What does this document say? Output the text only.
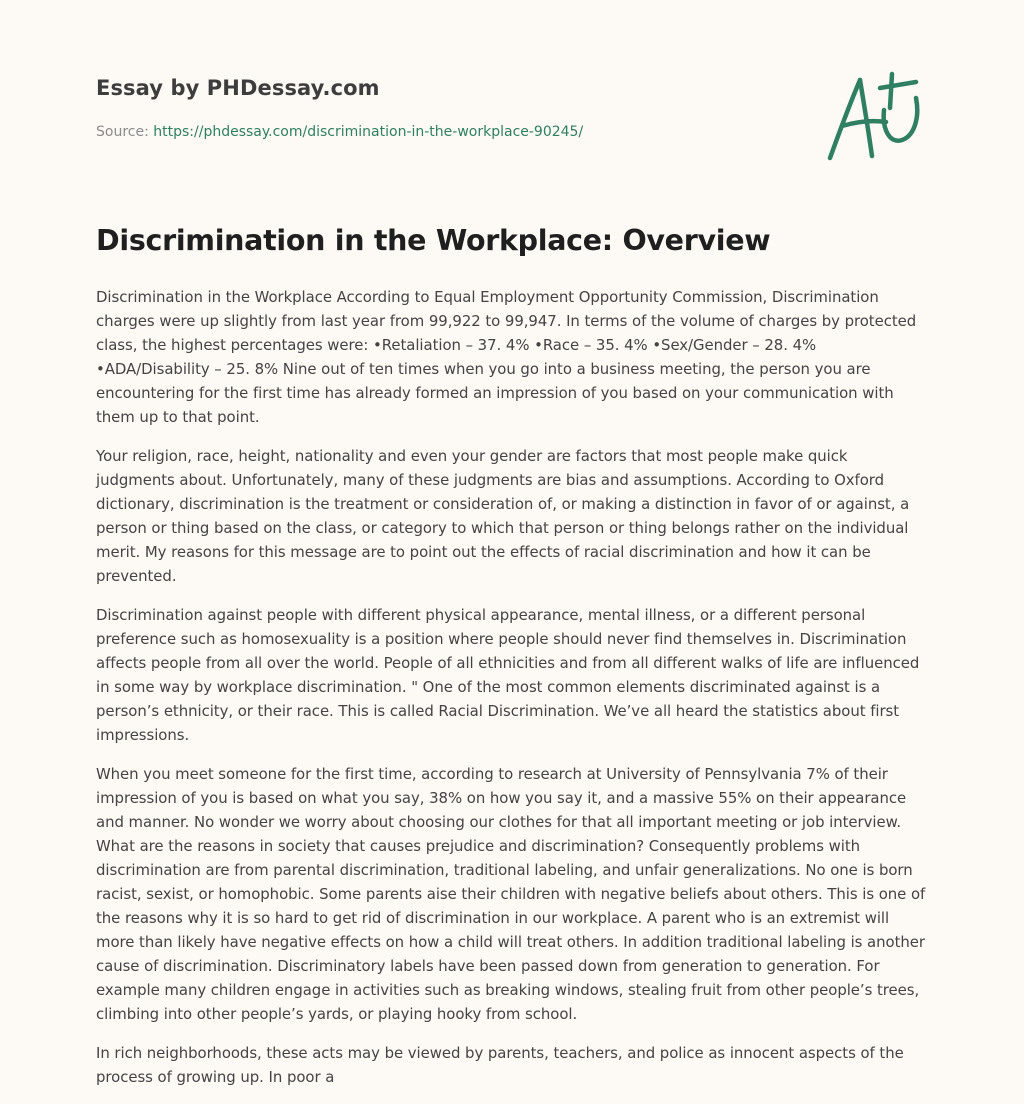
Essay by PHDessay.com

Source: https://phdessay.com/discrimination-in-the-workplace-90245/

Discrimination in the Workplace: Overview

Discrimination in the Workplace According to Equal Employment Opportunity Commission, Discrimination charges were up slightly from last year from 99,922 to 99,947. In terms of the volume of charges by protected class, the highest percentages were: •Retaliation – 37. 4% •Race – 35. 4% •Sex/Gender – 28. 4% •ADA/Disability – 25. 8% Nine out of ten times when you go into a business meeting, the person you are encountering for the first time has already formed an impression of you based on your communication with them up to that point.

Your religion, race, height, nationality and even your gender are factors that most people make quick judgments about. Unfortunately, many of these judgments are bias and assumptions. According to Oxford dictionary, discrimination is the treatment or consideration of, or making a distinction in favor of or against, a person or thing based on the class, or category to which that person or thing belongs rather on the individual merit. My reasons for this message are to point out the effects of racial discrimination and how it can be prevented.

Discrimination against people with different physical appearance, mental illness, or a different personal preference such as homosexuality is a position where people should never find themselves in. Discrimination affects people from all over the world. People of all ethnicities and from all different walks of life are influenced in some way by workplace discrimination. " One of the most common elements discriminated against is a person’s ethnicity, or their race. This is called Racial Discrimination. We’ve all heard the statistics about first impressions.

When you meet someone for the first time, according to research at University of Pennsylvania 7% of their impression of you is based on what you say, 38% on how you say it, and a massive 55% on their appearance and manner. No wonder we worry about choosing our clothes for that all important meeting or job interview. What are the reasons in society that causes prejudice and discrimination? Consequently problems with discrimination are from parental discrimination, traditional labeling, and unfair generalizations. No one is born racist, sexist, or homophobic. Some parents aise their children with negative beliefs about others. This is one of the reasons why it is so hard to get rid of discrimination in our workplace. A parent who is an extremist will more than likely have negative effects on how a child will treat others. In addition traditional labeling is another cause of discrimination. Discriminatory labels have been passed down from generation to generation. For example many children engage in activities such as breaking windows, stealing fruit from other people’s trees, climbing into other people’s yards, or playing hooky from school.

In rich neighborhoods, these acts may be viewed by parents, teachers, and police as innocent aspects of the process of growing up. In poor a
